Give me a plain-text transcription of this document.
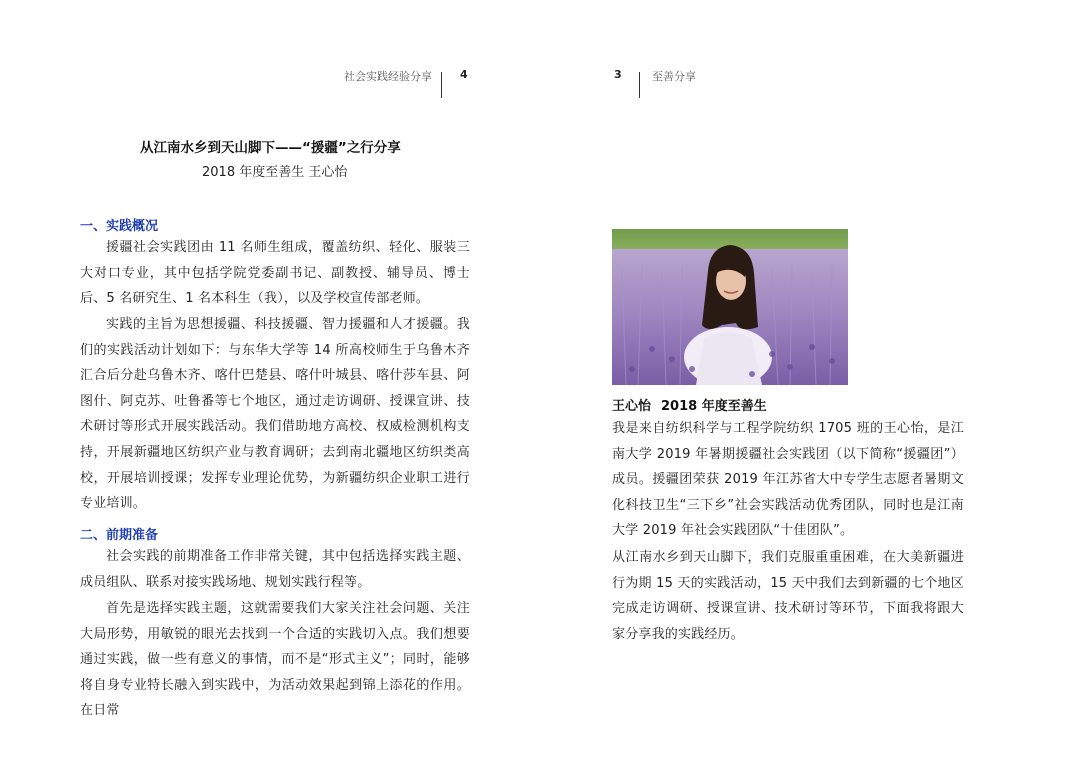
社会实践经验分享	4
从江南水乡到天山脚下——“援疆”之行分享
2018 年度至善生 王心怡
一、实践概况

援疆社会实践团由 11 名师生组成，覆盖纺织、轻化、服装三大对口专业，其中包括学院党委副书记、副教授、辅导员、博士后、5 名研究生、1 名本科生（我），以及学校宣传部老师。

实践的主旨为思想援疆、科技援疆、智力援疆和人才援疆。我们的实践活动计划如下：与东华大学等 14 所高校师生于乌鲁木齐汇合后分赴乌鲁木齐、喀什巴楚县、喀什叶城县、喀什莎车县、阿图什、阿克苏、吐鲁番等七个地区，通过走访调研、授课宣讲、技术研讨等形式开展实践活动。我们借助地方高校、权威检测机构支持，开展新疆地区纺织产业与教育调研；去到南北疆地区纺织类高校，开展培训授课；发挥专业理论优势，为新疆纺织企业职工进行专业培训。

二、前期准备

社会实践的前期准备工作非常关键，其中包括选择实践主题、成员组队、联系对接实践场地、规划实践行程等。

首先是选择实践主题，这就需要我们大家关注社会问题、关注大局形势，用敏锐的眼光去找到一个合适的实践切入点。我们想要通过实践，做一些有意义的事情，而不是“形式主义”；同时，能够将自身专业特长融入到实践中，为活动效果起到锦上添花的作用。在日常

3	至善分享
王心怡 2018 年度至善生

我是来自纺织科学与工程学院纺织 1705 班的王心怡，是江南大学 2019 年暑期援疆社会实践团（以下简称“援疆团”）成员。援疆团荣获 2019 年江苏省大中专学生志愿者暑期文化科技卫生“三下乡”社会实践活动优秀团队，同时也是江南大学 2019 年社会实践团队“十佳团队”。

从江南水乡到天山脚下，我们克服重重困难，在大美新疆进行为期 15 天的实践活动，15 天中我们去到新疆的七个地区完成走访调研、授课宣讲、技术研讨等环节，下面我将跟大家分享我的实践经历。
